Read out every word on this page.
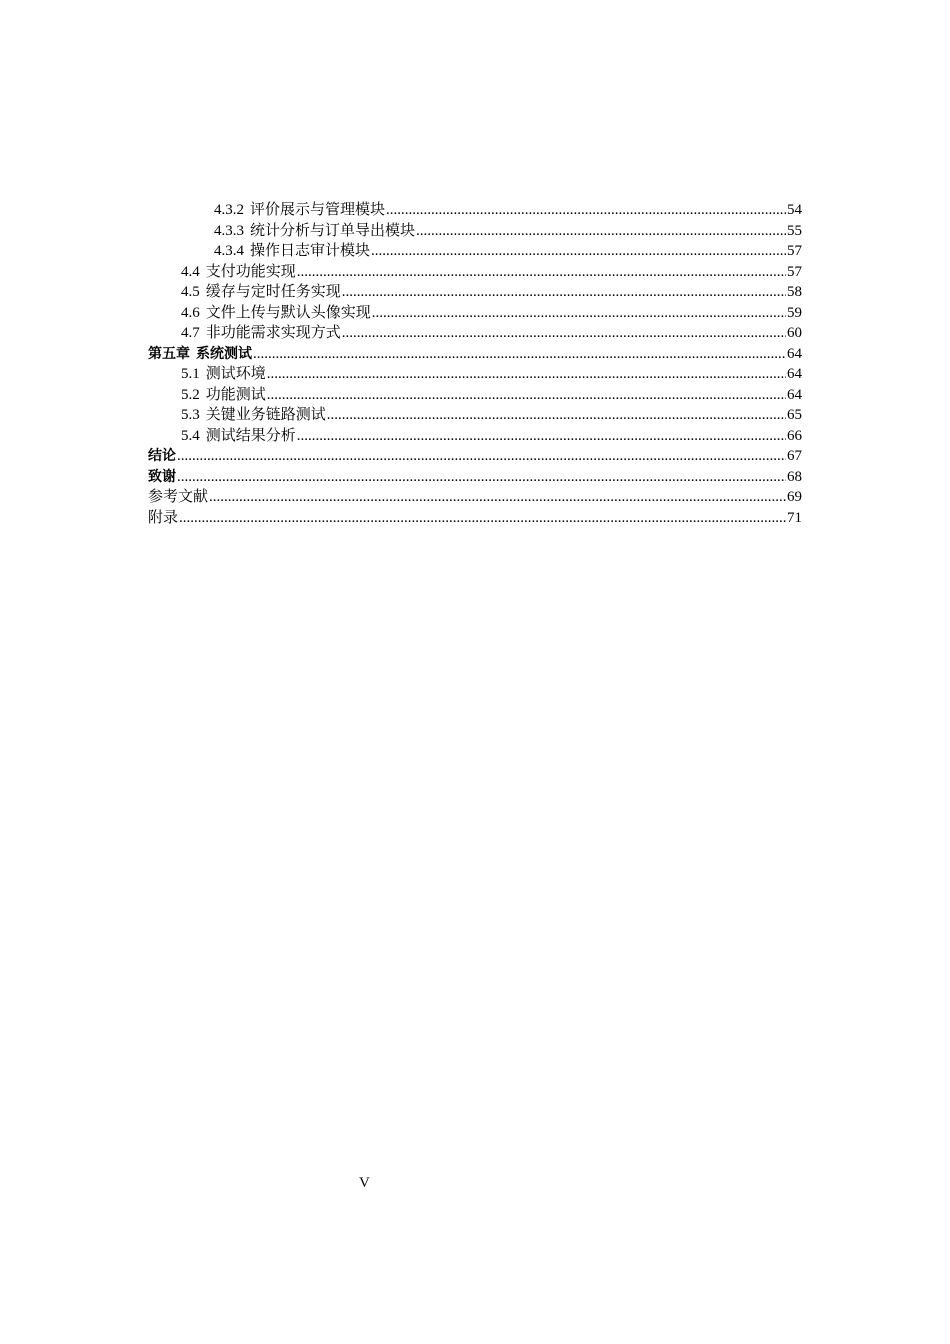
4.3.2 评价展示与管理模块 .....	54
4.3.3 统计分析与订单导出模块 .....	55
4.3.4 操作日志审计模块 .....	57
4.4 支付功能实现 .....	57
4.5 缓存与定时任务实现 .....	58
4.6 文件上传与默认头像实现 .....	59
4.7 非功能需求实现方式 .....	60
第五章 系统测试 .....	64
5.1 测试环境 .....	64
5.2 功能测试 .....	64
5.3 关键业务链路测试 .....	65
5.4 测试结果分析 .....	66
结论 .....	67
致谢 .....	68
参考文献 .....	69
附录 .....	71
V
